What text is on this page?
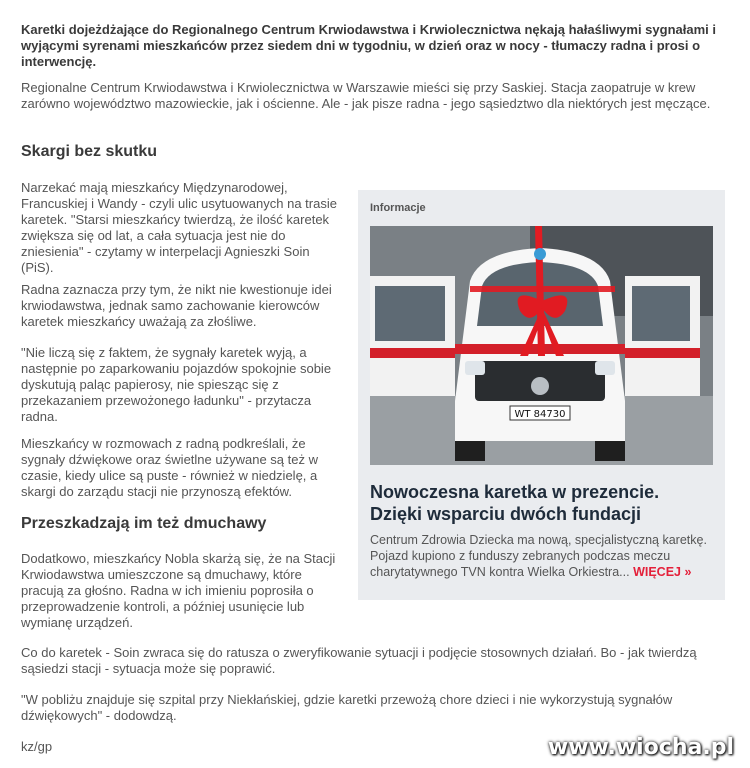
Karetki dojeżdżające do Regionalnego Centrum Krwiodawstwa i Krwiolecznictwa nękają hałaśliwymi sygnałami i wyjącymi syrenami mieszkańców przez siedem dni w tygodniu, w dzień oraz w nocy - tłumaczy radna i prosi o interwencję.

Regionalne Centrum Krwiodawstwa i Krwiolecznictwa w Warszawie mieści się przy Saskiej. Stacja zaopatruje w krew zarówno województwo mazowieckie, jak i ościenne. Ale - jak pisze radna - jego sąsiedztwo dla niektórych jest męczące.

Skargi bez skutku

Narzekać mają mieszkańcy Międzynarodowej, Francuskiej i Wandy - czyli ulic usytuowanych na trasie karetek. "Starsi mieszkańcy twierdzą, że ilość karetek zwiększa się od lat, a cała sytuacja jest nie do zniesienia" - czytamy w interpelacji Agnieszki Soin (PiS).

Radna zaznacza przy tym, że nikt nie kwestionuje idei krwiodawstwa, jednak samo zachowanie kierowców karetek mieszkańcy uważają za złośliwe.

"Nie liczą się z faktem, że sygnały karetek wyją, a następnie po zaparkowaniu pojazdów spokojnie sobie dyskutują paląc papierosy, nie spiesząc się z przekazaniem przewożonego ładunku" - przytacza radna.

Mieszkańcy w rozmowach z radną podkreślali, że sygnały dźwiękowe oraz świetlne używane są też w czasie, kiedy ulice są puste - również w niedzielę, a skargi do zarządu stacji nie przynoszą efektów.

Przeszkadzają im też dmuchawy

Dodatkowo, mieszkańcy Nobla skarżą się, że na Stacji Krwiodawstwa umieszczone są dmuchawy, które pracują za głośno. Radna w ich imieniu poprosiła o przeprowadzenie kontroli, a później usunięcie lub wymianę urządzeń.

Co do karetek - Soin zwraca się do ratusza o zweryfikowanie sytuacji i podjęcie stosownych działań. Bo - jak twierdzą sąsiedzi stacji - sytuacja może się poprawić.

"W pobliżu znajduje się szpital przy Niekłańskiej, gdzie karetki przewożą chore dzieci i nie wykorzystują sygnałów dźwiękowych" - dodowdzą.

kz/gp

Informacje
WT 84730
Nowoczesna karetka w prezencie. Dzięki wsparciu dwóch fundacji
Centrum Zdrowia Dziecka ma nową, specjalistyczną karetkę. Pojazd kupiono z funduszy zebranych podczas meczu charytatywnego TVN kontra Wielka Orkiestra... WIĘCEJ »
www.wiocha.pl
